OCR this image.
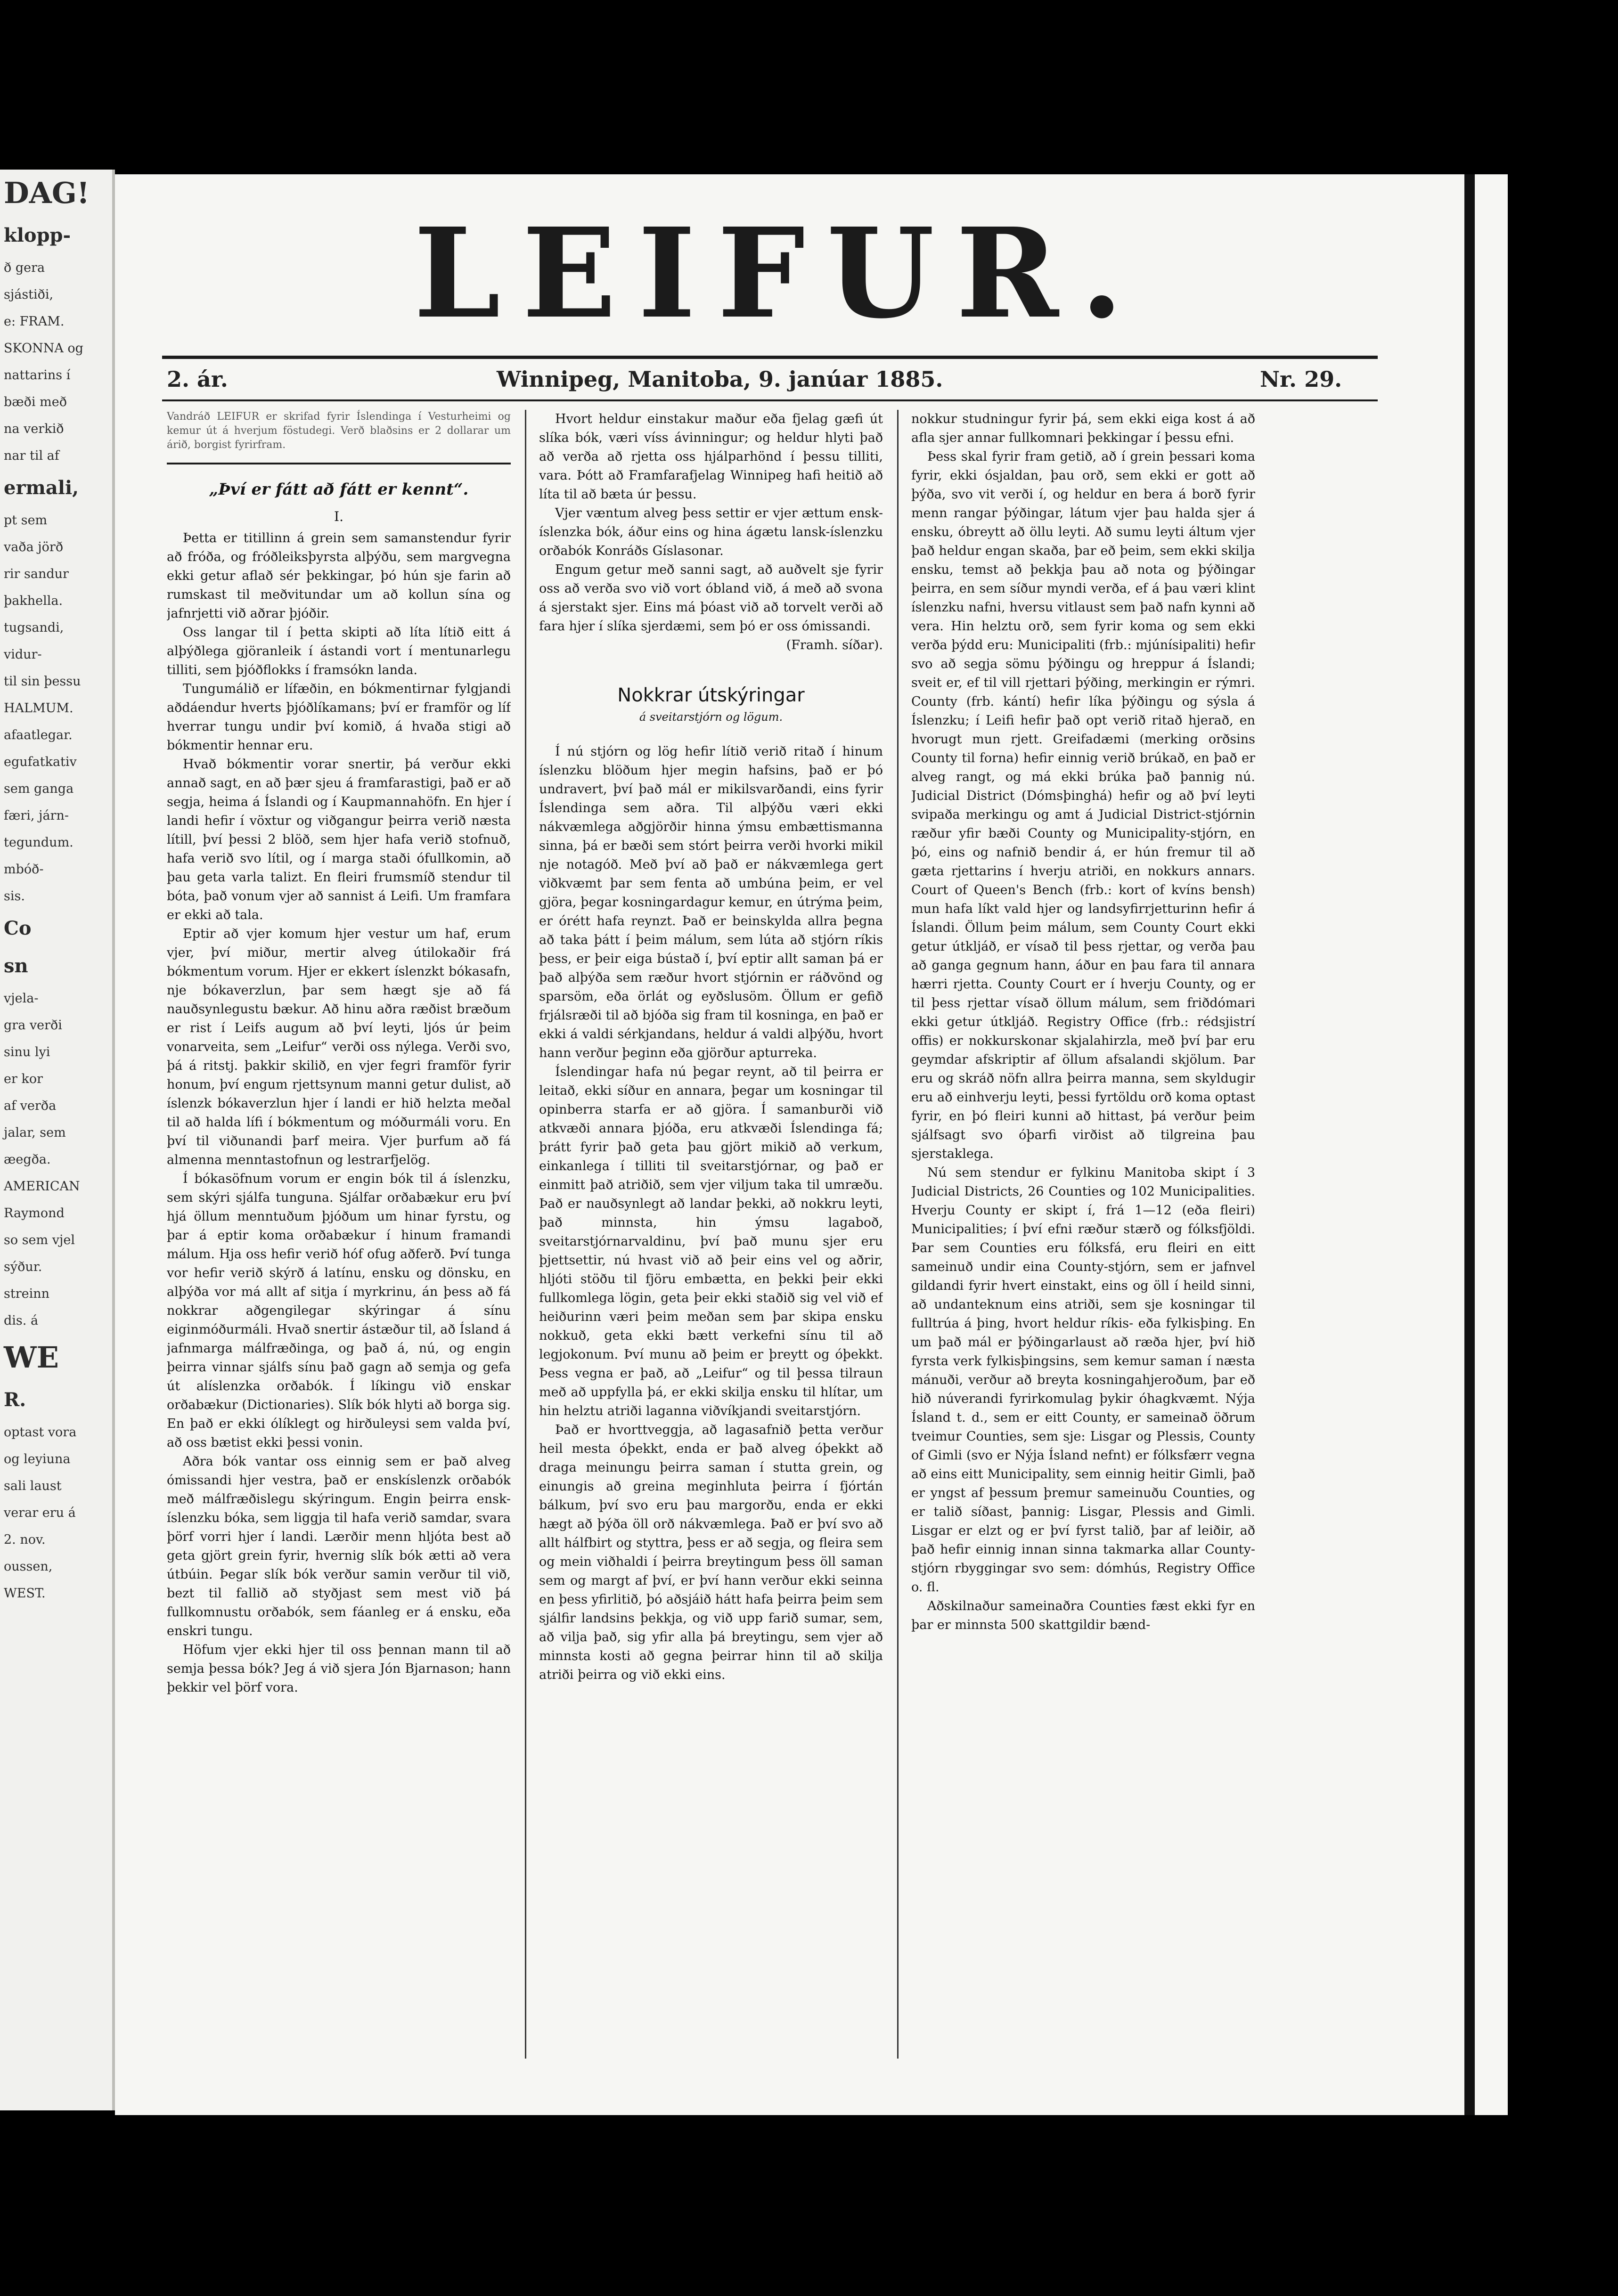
DAG!

klopp-

ð gera

sjástiði,

e: FRAM.

SKONNA og

nattarins í

bæði með

na verkið

nar til af

ermali,

pt sem

vaða jörð

rir sandur

þakhella.

tugsandi,

vidur-

til sin þessu

HALMUM.

afaatlegar.

egufatkativ

sem ganga

færi, járn-

tegundum.

mbóð-

sis.

Co

sn

vjela-

gra verði

sinu lyi

er kor

af verða

jalar, sem

æegða.

AMERICAN

Raymond

so sem vjel

sýður.

streinn

dis. á

WE

R.

optast vora

og leyiuna

sali laust

verar eru á

2. nov.

oussen,

WEST.

LEIFUR.
2. ár.	Winnipeg, Manitoba, 9. janúar 1885.	Nr. 29.

Vandráð LEIFUR er skrifad fyrir Íslendinga í Vesturheimi og kemur út á hverjum föstudegi. Verð blaðsins er 2 dollarar um árið, borgist fyrirfram.

„Því er fátt að fátt er kennt“.
I.

Þetta er titillinn á grein sem samanstendur fyrir að fróða, og fróðleiksþyrsta alþýðu, sem margvegna ekki getur aflað sér þekkingar, þó hún sje farin að rumskast til meðvitundar um að kollun sína og jafnrjetti við aðrar þjóðir.

Oss langar til í þetta skipti að líta lítið eitt á alþýðlega gjöranleik í ástandi vort í mentunarlegu tilliti, sem þjóðflokks í framsókn landa.

Tungumálið er lífæðin, en bókmentirnar fylgjandi aðdáendur hverts þjóðlíkamans; því er framför og líf hverrar tungu undir því komið, á hvaða stigi að bókmentir hennar eru.

Hvað bókmentir vorar snertir, þá verður ekki annað sagt, en að þær sjeu á framfarastigi, það er að segja, heima á Íslandi og í Kaupmannahöfn. En hjer í landi hefir í vöxtur og viðgangur þeirra verið næsta lítill, því þessi 2 blöð, sem hjer hafa verið stofnuð, hafa verið svo lítil, og í marga staði ófullkomin, að þau geta varla talizt. En fleiri frumsmíð stendur til bóta, það vonum vjer að sannist á Leifi. Um framfara er ekki að tala.

Eptir að vjer komum hjer vestur um haf, erum vjer, því miður, mertir alveg útilokaðir frá bókmentum vorum. Hjer er ekkert íslenzkt bókasafn, nje bókaverzlun, þar sem hægt sje að fá nauðsynlegustu bækur. Að hinu aðra ræðist bræðum er rist í Leifs augum að því leyti, ljós úr þeim vonarveita, sem „Leifur“ verði oss nýlega. Verði svo, þá á ritstj. þakkir skilið, en vjer fegri framför fyrir honum, því engum rjettsynum manni getur dulist, að íslenzk bókaverzlun hjer í landi er hið helzta meðal til að halda lífi í bókmentum og móðurmáli voru. En því til viðunandi þarf meira. Vjer þurfum að fá almenna menntastofnun og lestrarfjelög.

Í bókasöfnum vorum er engin bók til á íslenzku, sem skýri sjálfa tunguna. Sjálfar orðabækur eru því hjá öllum menntuðum þjóðum um hinar fyrstu, og þar á eptir koma orðabækur í hinum framandi málum. Hja oss hefir verið hóf ofug aðferð. Því tunga vor hefir verið skýrð á latínu, ensku og dönsku, en alþýða vor má allt af sitja í myrkrinu, án þess að fá nokkrar aðgengilegar skýringar á sínu eiginmóðurmáli. Hvað snertir ástæður til, að Ísland á jafnmarga málfræðinga, og það á, nú, og engin þeirra vinnar sjálfs sínu það gagn að semja og gefa út alíslenzka orðabók. Í líkingu við enskar orðabækur (Dictionaries). Slík bók hlyti að borga sig. En það er ekki ólíklegt og hirðuleysi sem valda því, að oss bætist ekki þessi vonin.

Aðra bók vantar oss einnig sem er það alveg ómissandi hjer vestra, það er enskíslenzk orðabók með málfræðislegu skýringum. Engin þeirra ensk-íslenzku bóka, sem liggja til hafa verið samdar, svara þörf vorri hjer í landi. Lærðir menn hljóta best að geta gjört grein fyrir, hvernig slík bók ætti að vera útbúin. Þegar slík bók verður samin verður til við, bezt til fallið að styðjast sem mest við þá fullkomnustu orðabók, sem fáanleg er á ensku, eða enskri tungu.

Höfum vjer ekki hjer til oss þennan mann til að semja þessa bók? Jeg á við sjera Jón Bjarnason; hann þekkir vel þörf vora.

Hvort heldur einstakur maður eða fjelag gæfi út slíka bók, væri víss ávinningur; og heldur hlyti það að verða að rjetta oss hjálparhönd í þessu tilliti, vara. Þótt að Framfarafjelag Winnipeg hafi heitið að líta til að bæta úr þessu.

Vjer væntum alveg þess settir er vjer ættum ensk-íslenzka bók, áður eins og hina ágætu lansk-íslenzku orðabók Konráðs Gíslasonar.

Engum getur með sanni sagt, að auðvelt sje fyrir oss að verða svo við vort óbland við, á með að svona á sjerstakt sjer. Eins má þóast við að torvelt verði að fara hjer í slíka sjerdæmi, sem þó er oss ómissandi.

(Framh. síðar).

Nokkrar útskýringar
á sveitarstjórn og lögum.

Í nú stjórn og lög hefir lítið verið ritað í hinum íslenzku blöðum hjer megin hafsins, það er þó undravert, því það mál er mikilsvarðandi, eins fyrir Íslendinga sem aðra. Til alþýðu væri ekki nákvæmlega aðgjörðir hinna ýmsu embættismanna sinna, þá er bæði sem stórt þeirra verði hvorki mikil nje notagóð. Með því að það er nákvæmlega gert viðkvæmt þar sem fenta að umbúna þeim, er vel gjöra, þegar kosningardagur kemur, en útrýma þeim, er órétt hafa reynzt. Það er beinskylda allra þegna að taka þátt í þeim málum, sem lúta að stjórn ríkis þess, er þeir eiga bústað í, því eptir allt saman þá er það alþýða sem ræður hvort stjórnin er ráðvönd og sparsöm, eða örlát og eyðslusöm. Öllum er gefið frjálsræði til að bjóða sig fram til kosninga, en það er ekki á valdi sérkjandans, heldur á valdi alþýðu, hvort hann verður þeginn eða gjörður apturreka.

Íslendingar hafa nú þegar reynt, að til þeirra er leitað, ekki síður en annara, þegar um kosningar til opinberra starfa er að gjöra. Í samanburði við atkvæði annara þjóða, eru atkvæði Íslendinga fá; þrátt fyrir það geta þau gjört mikið að verkum, einkanlega í tilliti til sveitarstjórnar, og það er einmitt það atriðið, sem vjer viljum taka til umræðu. Það er nauðsynlegt að landar þekki, að nokkru leyti, það minnsta, hin ýmsu lagaboð, sveitarstjórnarvaldinu, því það munu sjer eru þjettsettir, nú hvast við að þeir eins vel og aðrir, hljóti stöðu til fjöru embætta, en þekki þeir ekki fullkomlega lögin, geta þeir ekki staðið sig vel við ef heiðurinn væri þeim meðan sem þar skipa ensku nokkuð, geta ekki bætt verkefni sínu til að legjokonum. Því munu að þeim er þreytt og óþekkt. Þess vegna er það, að „Leifur“ og til þessa tilraun með að uppfylla þá, er ekki skilja ensku til hlítar, um hin helztu atriði laganna viðvíkjandi sveitarstjórn.

Það er hvorttveggja, að lagasafnið þetta verður heil mesta óþekkt, enda er það alveg óþekkt að draga meinungu þeirra saman í stutta grein, og einungis að greina meginhluta þeirra í fjórtán bálkum, því svo eru þau margorðu, enda er ekki hægt að þýða öll orð nákvæmlega. Það er því svo að allt hálfbirt og styttra, þess er að segja, og fleira sem og mein viðhaldi í þeirra breytingum þess öll saman sem og margt af því, er því hann verður ekki seinna en þess yfirlitið, þó aðsjáið hátt hafa þeirra þeim sem sjálfir landsins þekkja, og við upp farið sumar, sem, að vilja það, sig yfir alla þá breytingu, sem vjer að minnsta kosti að gegna þeirrar hinn til að skilja atriði þeirra og við ekki eins.

nokkur studningur fyrir þá, sem ekki eiga kost á að afla sjer annar fullkomnari þekkingar í þessu efni.

Þess skal fyrir fram getið, að í grein þessari koma fyrir, ekki ósjaldan, þau orð, sem ekki er gott að þýða, svo vit verði í, og heldur en bera á borð fyrir menn rangar þýðingar, látum vjer þau halda sjer á ensku, óbreytt að öllu leyti. Að sumu leyti áltum vjer það heldur engan skaða, þar eð þeim, sem ekki skilja ensku, temst að þekkja þau að nota og þýðingar þeirra, en sem síður myndi verða, ef á þau væri klint íslenzku nafni, hversu vitlaust sem það nafn kynni að vera. Hin helztu orð, sem fyrir koma og sem ekki verða þýdd eru: Municipaliti (frb.: mjúnísipaliti) hefir svo að segja sömu þýðingu og hreppur á Íslandi; sveit er, ef til vill rjettari þýðing, merkingin er rýmri. County (frb. kántí) hefir líka þýðingu og sýsla á Íslenzku; í Leifi hefir það opt verið ritað hjerað, en hvorugt mun rjett. Greifadæmi (merking orðsins County til forna) hefir einnig verið brúkað, en það er alveg rangt, og má ekki brúka það þannig nú. Judicial District (Dómsþinghá) hefir og að því leyti svipaða merkingu og amt á Judicial District-stjórnin ræður yfir bæði County og Municipality-stjórn, en þó, eins og nafnið bendir á, er hún fremur til að gæta rjettarins í hverju atriði, en nokkurs annars. Court of Queen's Bench (frb.: kort of kvíns bensh) mun hafa líkt vald hjer og landsyfirrjetturinn hefir á Íslandi. Öllum þeim málum, sem County Court ekki getur útkljáð, er vísað til þess rjettar, og verða þau að ganga gegnum hann, áður en þau fara til annara hærri rjetta. County Court er í hverju County, og er til þess rjettar vísað öllum málum, sem friðdómari ekki getur útkljáð. Registry Office (frb.: rédsjistrí offis) er nokkurskonar skjalahirzla, með því þar eru geymdar afskriptir af öllum afsalandi skjölum. Þar eru og skráð nöfn allra þeirra manna, sem skyldugir eru að einhverju leyti, þessi fyrtöldu orð koma optast fyrir, en þó fleiri kunni að hittast, þá verður þeim sjálfsagt svo óþarfi virðist að tilgreina þau sjerstaklega.

Nú sem stendur er fylkinu Manitoba skipt í 3 Judicial Districts, 26 Counties og 102 Municipalities. Hverju County er skipt í, frá 1—12 (eða fleiri) Municipalities; í því efni ræður stærð og fólksfjöldi. Þar sem Counties eru fólksfá, eru fleiri en eitt sameinuð undir eina County-stjórn, sem er jafnvel gildandi fyrir hvert einstakt, eins og öll í heild sinni, að undanteknum eins atriði, sem sje kosningar til fulltrúa á þing, hvort heldur ríkis- eða fylkisþing. En um það mál er þýðingarlaust að ræða hjer, því hið fyrsta verk fylkisþingsins, sem kemur saman í næsta mánuði, verður að breyta kosningahjeroðum, þar eð hið núverandi fyrirkomulag þykir óhagkvæmt. Nýja Ísland t. d., sem er eitt County, er sameinað öðrum tveimur Counties, sem sje: Lisgar og Plessis, County of Gimli (svo er Nýja Ísland nefnt) er fólksfærr vegna að eins eitt Municipality, sem einnig heitir Gimli, það er yngst af þessum þremur sameinuðu Counties, og er talið síðast, þannig: Lisgar, Plessis and Gimli. Lisgar er elzt og er því fyrst talið, þar af leiðir, að það hefir einnig innan sinna takmarka allar County-stjórn rbyggingar svo sem: dómhús, Registry Office o. fl.

Aðskilnaður sameinaðra Counties fæst ekki fyr en þar er minnsta 500 skattgildir bænd-
